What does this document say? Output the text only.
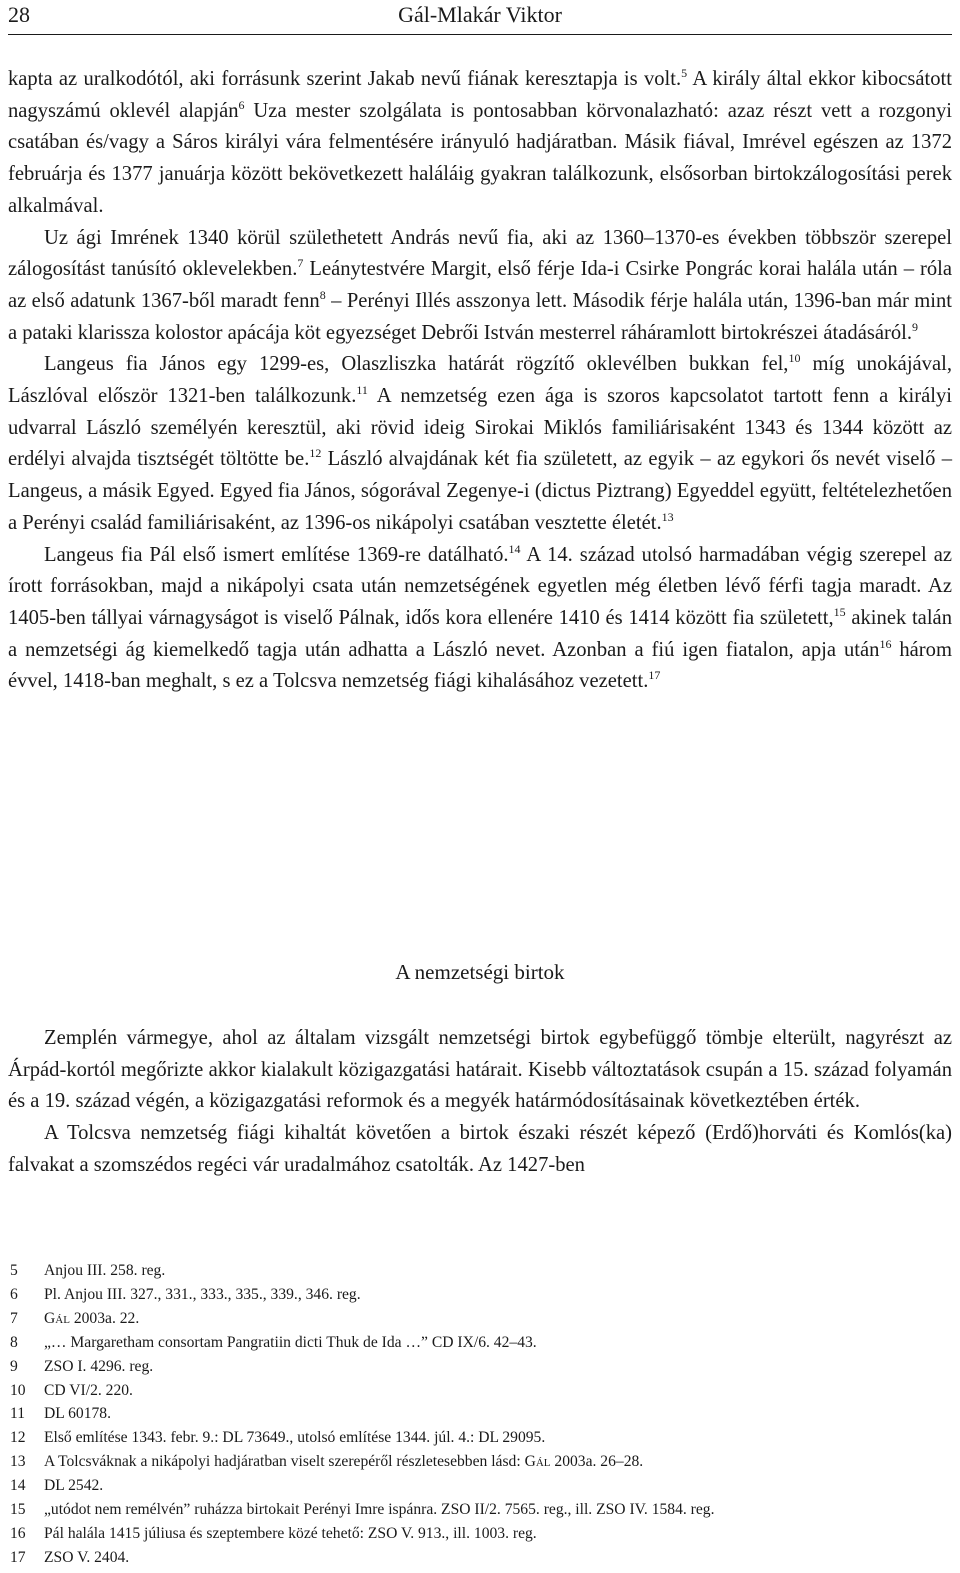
28	Gál-Mlakár Viktor

kapta az uralkodótól, aki forrásunk szerint Jakab nevű fiának keresztapja is volt.$^5$ A király által ekkor kibocsátott nagyszámú oklevél alapján$^6$ Uza mester szolgálata is pontosabban körvonalazható: azaz részt vett a rozgonyi csatában és/vagy a Sáros királyi vára felmentésére irányuló hadjáratban. Másik fiával, Imrével egészen az 1372 februárja és 1377 januárja között bekövetkezett haláláig gyakran találkozunk, elsősorban birtokzálogosítási perek alkalmával.

Uz ági Imrének 1340 körül születhetett András nevű fia, aki az 1360–1370-es években többször szerepel zálogosítást tanúsító oklevelekben.$^7$ Leánytestvére Margit, első férje Ida-i Csirke Pongrác korai halála után – róla az első adatunk 1367-ből maradt fenn$^8$ – Perényi Illés asszonya lett. Második férje halála után, 1396-ban már mint a pataki klarissza kolostor apácája köt egyezséget Debrői István mesterrel ráháramlott birtokrészei átadásáról.$^9$

Langeus fia János egy 1299-es, Olaszliszka határát rögzítő oklevélben bukkan fel,$^{10}$ míg unokájával, Lászlóval először 1321-ben találkozunk.$^{11}$ A nemzetség ezen ága is szoros kapcsolatot tartott fenn a királyi udvarral László személyén keresztül, aki rövid ideig Sirokai Miklós familiárisaként 1343 és 1344 között az erdélyi alvajda tisztségét töltötte be.$^{12}$ László alvajdának két fia született, az egyik – az egykori ős nevét viselő – Langeus, a másik Egyed. Egyed fia János, sógorával Zegenye-i (dictus Piztrang) Egyeddel együtt, feltételezhetően a Perényi család familiárisaként, az 1396-os nikápolyi csatában vesztette életét.$^{13}$

Langeus fia Pál első ismert említése 1369-re datálható.$^{14}$ A 14. század utolsó harmadában végig szerepel az írott forrásokban, majd a nikápolyi csata után nemzetségének egyetlen még életben lévő férfi tagja maradt. Az 1405-ben tállyai várnagyságot is viselő Pálnak, idős kora ellenére 1410 és 1414 között fia született,$^{15}$ akinek talán a nemzetségi ág kiemelkedő tagja után adhatta a László nevet. Azonban a fiú igen fiatalon, apja után$^{16}$ három évvel, 1418-ban meghalt, s ez a Tolcsva nemzetség fiági kihalásához vezetett.$^{17}$

A nemzetségi birtok

Zemplén vármegye, ahol az általam vizsgált nemzetségi birtok egybefüggő tömbje elterült, nagyrészt az Árpád-kortól megőrizte akkor kialakult közigazgatási határait. Kisebb változtatások csupán a 15. század folyamán és a 19. század végén, a közigazgatási reformok és a megyék határmódosításainak következtében érték.

A Tolcsva nemzetség fiági kihaltát követően a birtok északi részét képező (Erdő)horváti és Komlós(ka) falvakat a szomszédos regéci vár uradalmához csatolták. Az 1427-ben

5	Anjou III. 258. reg.
6	Pl. Anjou III. 327., 331., 333., 335., 339., 346. reg.
7	Gál 2003a. 22.
8	„… Margaretham consortam Pangratiin dicti Thuk de Ida …” CD IX/6. 42–43.
9	ZSO I. 4296. reg.
10	CD VI/2. 220.
11	DL 60178.
12	Első említése 1343. febr. 9.: DL 73649., utolsó említése 1344. júl. 4.: DL 29095.
13	A Tolcsváknak a nikápolyi hadjáratban viselt szerepéről részletesebben lásd: Gál 2003a. 26–28.
14	DL 2542.
15	„utódot nem remélvén” ruházza birtokait Perényi Imre ispánra. ZSO II/2. 7565. reg., ill. ZSO IV. 1584. reg.
16	Pál halála 1415 júliusa és szeptembere közé tehető: ZSO V. 913., ill. 1003. reg.
17	ZSO V. 2404.
